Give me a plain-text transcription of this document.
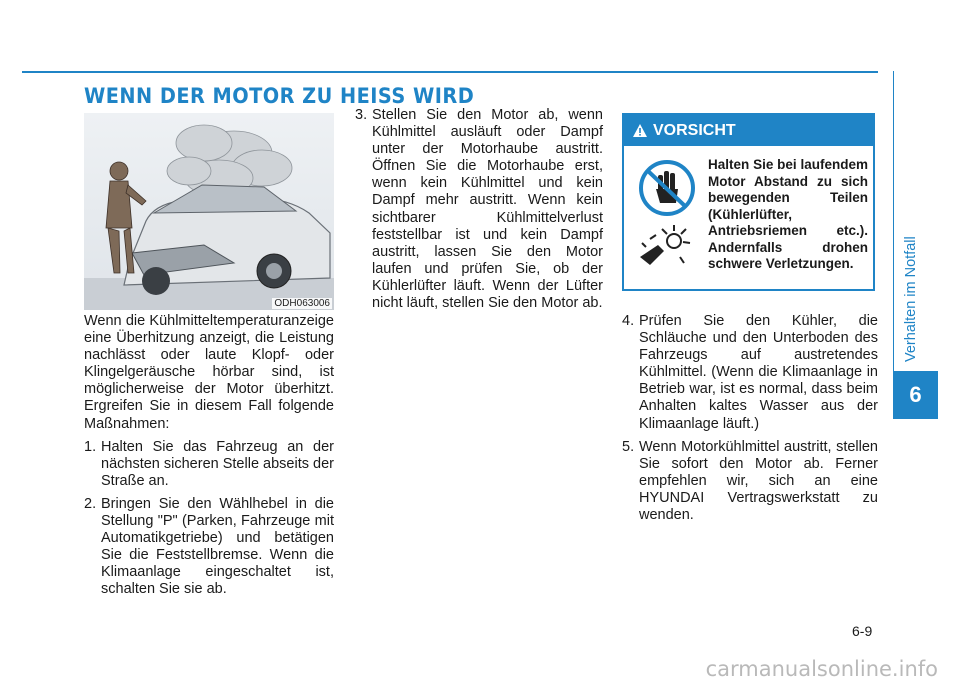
WENN DER MOTOR ZU HEISS WIRD
Verhalten im Notfall
6
ODH063006

Wenn die Kühlmitteltemperaturanzeige eine Überhitzung anzeigt, die Leistung nachlässt oder laute Klopf- oder Klingelgeräusche hörbar sind, ist möglicherweise der Motor überhitzt. Ergreifen Sie in diesem Fall folgende Maßnahmen:

1. Halten Sie das Fahrzeug an der nächsten sicheren Stelle abseits der Straße an.
2. Bringen Sie den Wählhebel in die Stellung "P" (Parken, Fahrzeuge mit Automatikgetriebe) und betätigen Sie die Feststellbremse. Wenn die Klimaanlage eingeschaltet ist, schalten Sie sie ab.
3. Stellen Sie den Motor ab, wenn Kühlmittel ausläuft oder Dampf unter der Motorhaube austritt. Öffnen Sie die Motorhaube erst, wenn kein Kühlmittel und kein Dampf mehr austritt. Wenn kein sichtbarer Kühlmittelverlust feststellbar ist und kein Dampf austritt, lassen Sie den Motor laufen und prüfen Sie, ob der Kühlerlüfter läuft. Wenn der Lüfter nicht läuft, stellen Sie den Motor ab.
VORSICHT
Halten Sie bei laufendem Motor Abstand zu sich bewegenden Teilen (Kühlerlüfter, Antriebsriemen etc.). Andernfalls drohen schwere Verletzungen.
4. Prüfen Sie den Kühler, die Schläuche und den Unterboden des Fahrzeugs auf austretendes Kühlmittel. (Wenn die Klimaanlage in Betrieb war, ist es normal, dass beim Anhalten kaltes Wasser aus der Klimaanlage läuft.)
5. Wenn Motorkühlmittel austritt, stellen Sie sofort den Motor ab. Ferner empfehlen wir, sich an eine HYUNDAI Vertragswerkstatt zu wenden.
6-9
carmanualsonline.info
